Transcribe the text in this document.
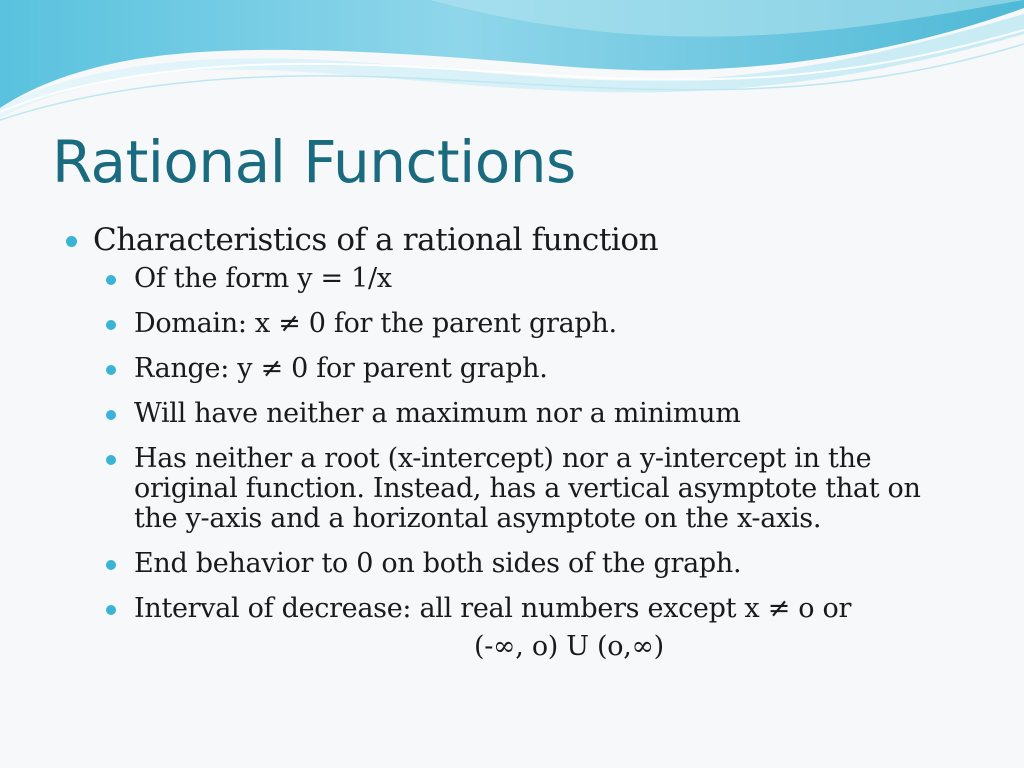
Rational Functions
Characteristics of a rational function
Of the form y = 1/x
Domain: x ≠ 0 for the parent graph.
Range: y ≠ 0 for parent graph.
Will have neither a maximum nor a minimum
Has neither a root (x-intercept) nor a y-intercept in the original function. Instead, has a vertical asymptote that on the y-axis and a horizontal asymptote on the x-axis.
End behavior to 0 on both sides of the graph.
Interval of decrease: all real numbers except x ≠ o or
(-∞, o) U (o,∞)
